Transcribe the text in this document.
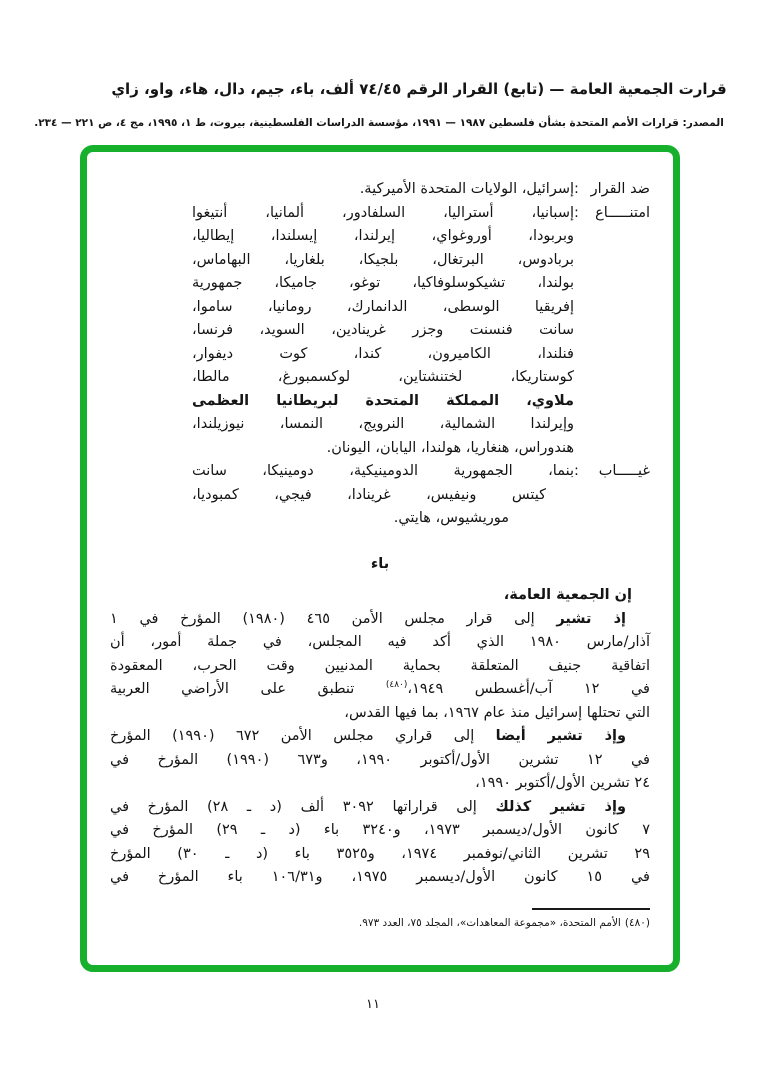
قرارت الجمعية العامة — (تابع) القرار الرقم ٧٤/٤٥ ألف، باء، جيم، دال، هاء، واو، زاي
المصدر: قرارات الأمم المتحدة بشأن فلسطين ١٩٨٧ — ١٩٩١، مؤسسة الدراسات الفلسطينية، بيروت، ط ١، ١٩٩٥، مج ٤، ص ٢٢١ — ٢٣٤.
ضد القرار
:
إسرائيل، الولايات المتحدة الأميركية.
امتنـــــاع
:
إسبانيا، أستراليا، السلفادور، ألمانيا، أنتيغوا
وبربودا، أوروغواي، إيرلندا، إيسلندا، إيطاليا،
بربادوس، البرتغال، بلجيكا، بلغاريا، البهاماس،
بولندا، تشيكوسلوفاكيا، توغو، جاميكا، جمهورية
إفريقيا الوسطى، الدانمارك، رومانيا، ساموا،
سانت فنسنت وجزر غرينادين، السويد، فرنسا،
فنلندا، الكاميرون، كندا، كوت ديفوار،
كوستاريكا، لختنشتاين، لوكسمبورغ، مالطا،
ملاوي، المملكة المتحدة لبريطانيا العظمى
وإيرلندا الشمالية، النرويج، النمسا، نيوزيلندا،
هندوراس، هنغاريا، هولندا، اليابان، اليونان.
غيـــــاب
:
بنما، الجمهورية الدومينيكية، دومينيكا، سانت
كيتس ونيفيس، غرينادا، فيجي، كمبوديا،
موريشيوس، هايتي.
باء
إن الجمعية العامة،
إذ تشير إلى قرار مجلس الأمن ٤٦٥ (١٩٨٠) المؤرخ في ١
آذار/مارس ١٩٨٠ الذي أكد فيه المجلس، في جملة أمور، أن
اتفاقية جنيف المتعلقة بحماية المدنيين وقت الحرب، المعقودة
في ١٢ آب/أغسطس ١٩٤٩،$^{(٤٨٠)}$ تنطبق على الأراضي العربية
التي تحتلها إسرائيل منذ عام ١٩٦٧، بما فيها القدس،
وإذ تشير أيضا إلى قراري مجلس الأمن ٦٧٢ (١٩٩٠) المؤرخ
في ١٢ تشرين الأول/أكتوبر ١٩٩٠، و٦٧٣ (١٩٩٠) المؤرخ في
٢٤ تشرين الأول/أكتوبر ١٩٩٠،
وإذ تشير كذلك إلى قراراتها ٣٠٩٢ ألف (د ـ ٢٨) المؤرخ في
٧ كانون الأول/ديسمبر ١٩٧٣، و٣٢٤٠ باء (د ـ ٢٩) المؤرخ في
٢٩ تشرين الثاني/نوفمبر ١٩٧٤، و٣٥٢٥ باء (د ـ ٣٠) المؤرخ
في ١٥ كانون الأول/ديسمبر ١٩٧٥، و١٠٦/٣١ باء المؤرخ في
(٤٨٠)الأمم المتحدة، «مجموعة المعاهدات»، المجلد ٧٥، العدد ٩٧٣.
١١
